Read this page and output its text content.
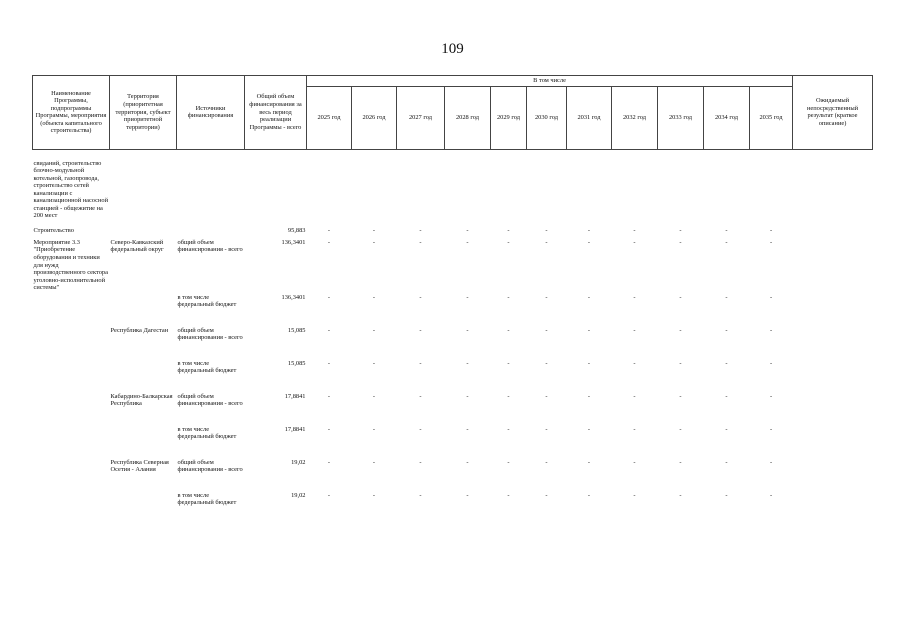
109
Наименование Программы, подпрограммы Программы, мероприятия (объекта капитального строительства)	Территория (приоритетная территория, субъект приоритетной территории)	Источники финансирования	Общий объем финансирования за весь период реализации Программы - всего	В том числе											Ожидаемый непосредственный результат (краткое описание)
				2025 год	2026 год	2027 год	2028 год	2029 год	2030 год	2031 год	2032 год	2033 год	2034 год	2035 год	
свиданий, строительство блочно-модульной котельной, газопровода, строительство сетей канализации с канализационной насосной станцией - общежитие на 200 мест															
Строительство			95,883	-	-	-	-	-	-	-	-	-	-	-	
Мероприятие 3.3 "Приобретение оборудования и техники для нужд производственного сектора уголовно-исполнительной системы"	Северо-Кавказский федеральный округ	общий объем финансирования - всего	136,3401	-	-	-	-	-	-	-	-	-	-	-	
		в том числе федеральный бюджет	136,3401	-	-	-	-	-	-	-	-	-	-	-	
	Республика Дагестан	общий объем финансирования - всего	15,085	-	-	-	-	-	-	-	-	-	-	-	
		в том числе федеральный бюджет	15,085	-	-	-	-	-	-	-	-	-	-	-	
	Кабардино-Балкарская Республика	общий объем финансирования - всего	17,8841	-	-	-	-	-	-	-	-	-	-	-	
		в том числе федеральный бюджет	17,8841	-	-	-	-	-	-	-	-	-	-	-	
	Республика Северная Осетия - Алания	общий объем финансирования - всего	19,02	-	-	-	-	-	-	-	-	-	-	-	
		в том числе федеральный бюджет	19,02	-	-	-	-	-	-	-	-	-	-	-	
